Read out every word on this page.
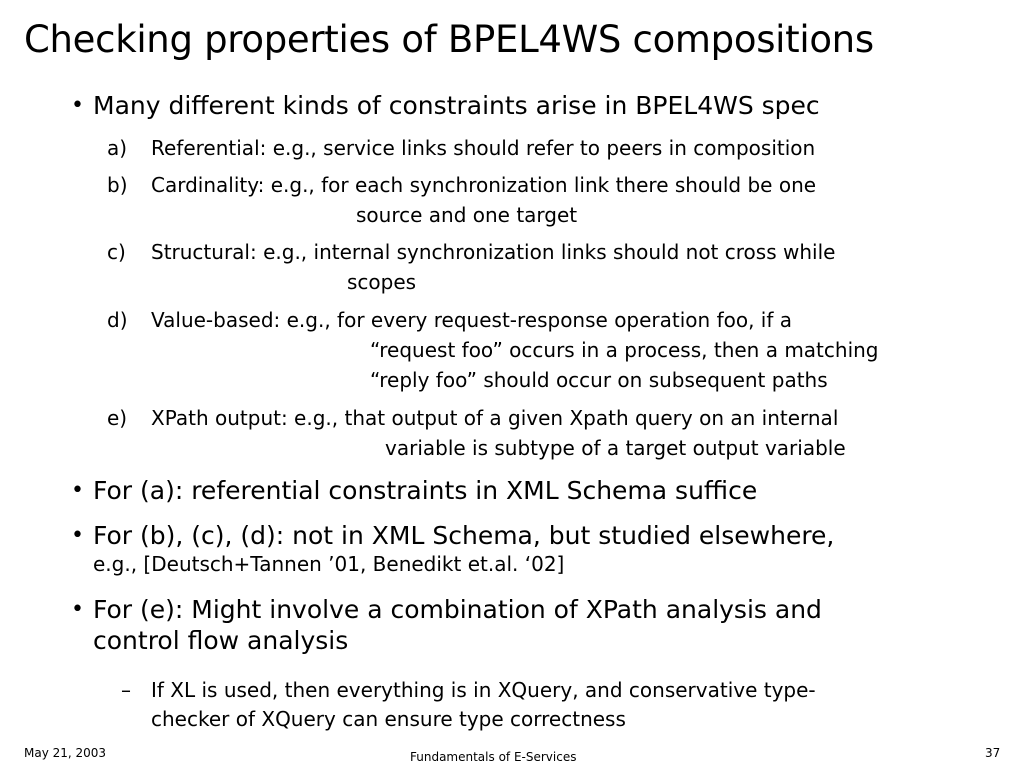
Checking properties of BPEL4WS compositions
• Many different kinds of constraints arise in BPEL4WS spec
a) Referential: e.g., service links should refer to peers in composition
b) Cardinality: e.g., for each synchronization link there should be one
source and one target
c) Structural: e.g., internal synchronization links should not cross while
scopes
d) Value-based: e.g., for every request-response operation foo, if a
“request foo” occurs in a process, then a matching
“reply foo” should occur on subsequent paths
e) XPath output: e.g., that output of a given Xpath query on an internal
variable is subtype of a target output variable
• For (a): referential constraints in XML Schema suffice
• For (b), (c), (d): not in XML Schema, but studied elsewhere,
e.g., [Deutsch+Tannen ’01, Benedikt et.al. ‘02]
• For (e): Might involve a combination of XPath analysis and
control flow analysis
– If XL is used, then everything is in XQuery, and conservative type-
checker of XQuery can ensure type correctness
May 21, 2003	Fundamentals of E-Services	37
